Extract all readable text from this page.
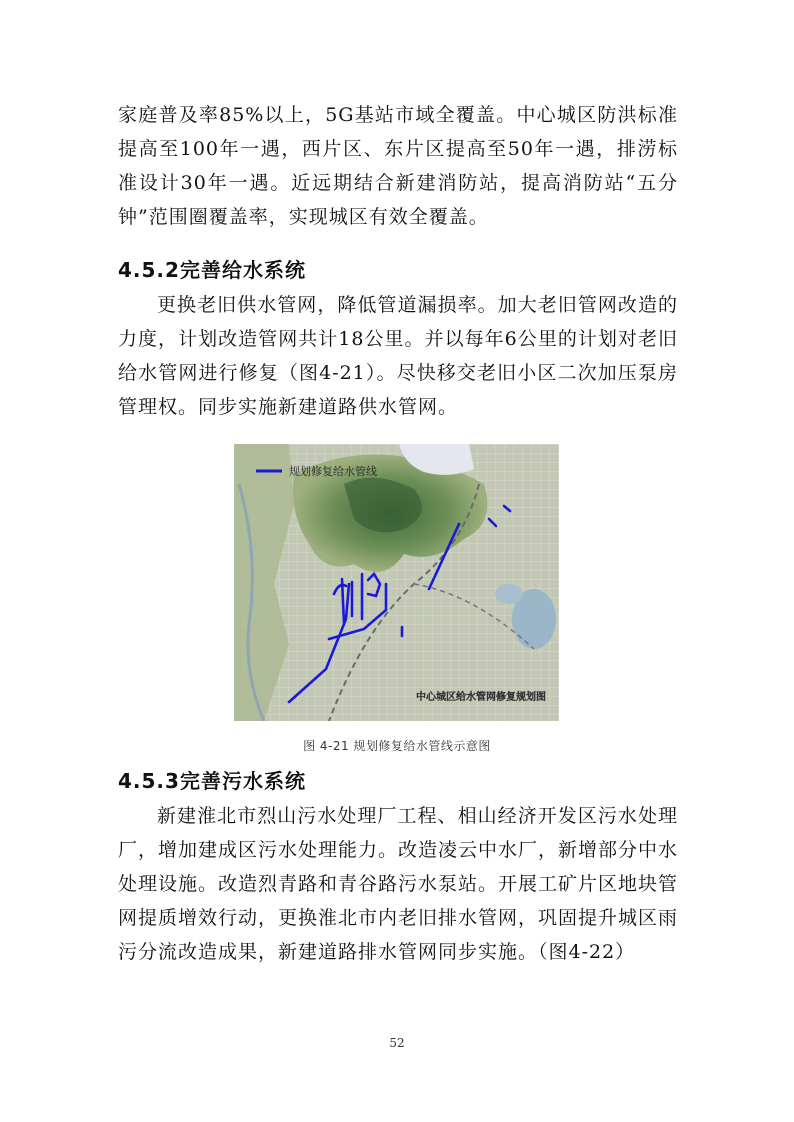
家庭普及率85%以上，5G基站市域全覆盖。中心城区防洪标准提高至100年一遇，西片区、东片区提高至50年一遇，排涝标准设计30年一遇。近远期结合新建消防站，提高消防站“五分钟”范围圈覆盖率，实现城区有效全覆盖。

4.5.2完善给水系统

更换老旧供水管网，降低管道漏损率。加大老旧管网改造的力度，计划改造管网共计18公里。并以每年6公里的计划对老旧给水管网进行修复（图4-21）。尽快移交老旧小区二次加压泵房管理权。同步实施新建道路供水管网。

规划修复给水管线
中心城区给水管网修复规划图

图 4-21 规划修复给水管线示意图

4.5.3完善污水系统

新建淮北市烈山污水处理厂工程、相山经济开发区污水处理厂，增加建成区污水处理能力。改造凌云中水厂，新增部分中水处理设施。改造烈青路和青谷路污水泵站。开展工矿片区地块管网提质增效行动，更换淮北市内老旧排水管网，巩固提升城区雨污分流改造成果，新建道路排水管网同步实施。（图4-22）

52
